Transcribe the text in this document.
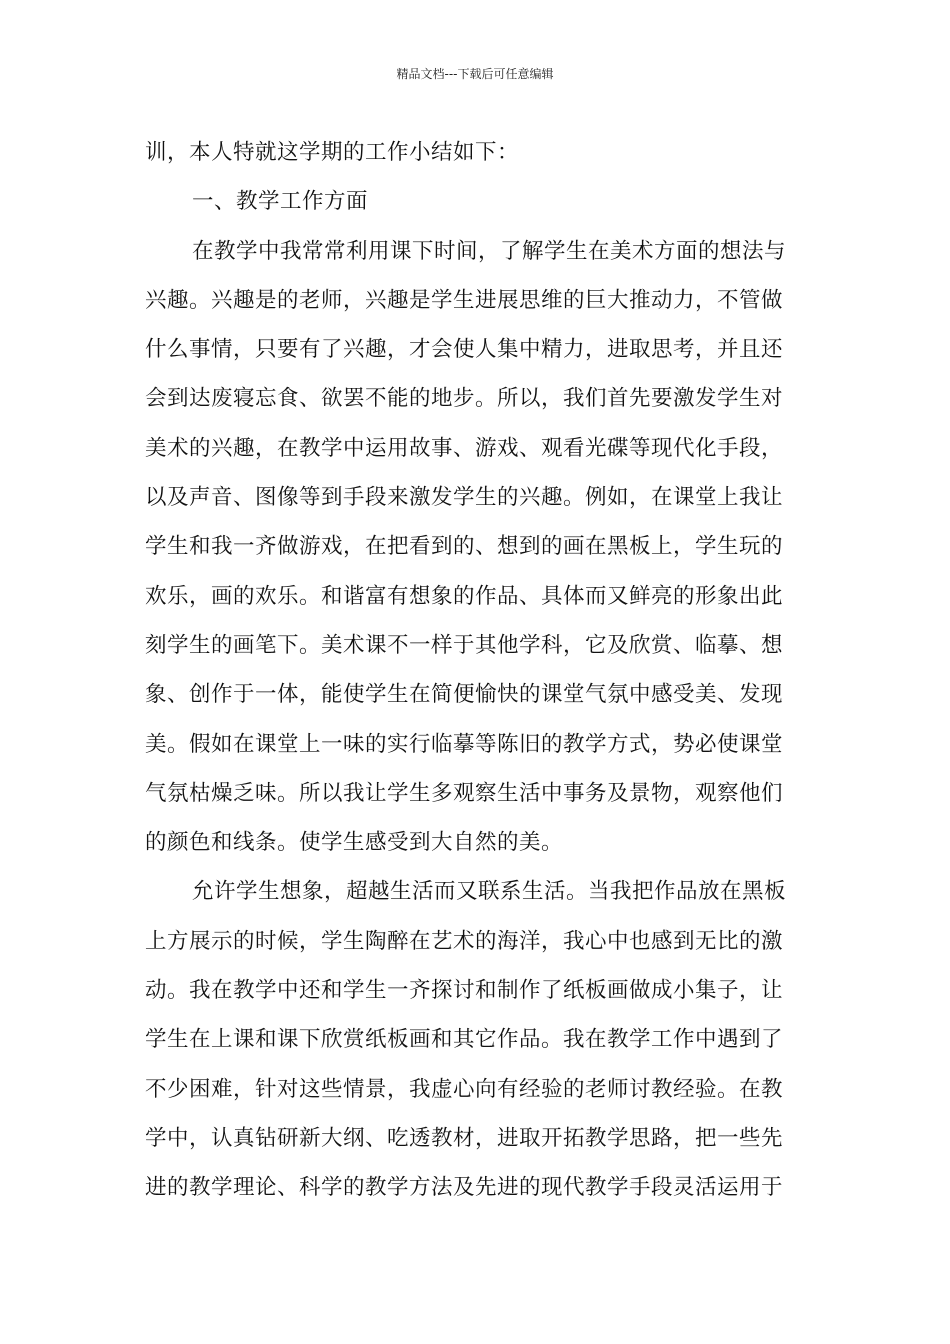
精品文档---下载后可任意编辑
训，本人特就这学期的工作小结如下：
一、教学工作方面
在教学中我常常利用课下时间，了解学生在美术方面的想法与
兴趣。兴趣是的老师，兴趣是学生进展思维的巨大推动力，不管做
什么事情，只要有了兴趣，才会使人集中精力，进取思考，并且还
会到达废寝忘食、欲罢不能的地步。所以，我们首先要激发学生对
美术的兴趣，在教学中运用故事、游戏、观看光碟等现代化手段，
以及声音、图像等到手段来激发学生的兴趣。例如，在课堂上我让
学生和我一齐做游戏，在把看到的、想到的画在黑板上，学生玩的
欢乐，画的欢乐。和谐富有想象的作品、具体而又鲜亮的形象出此
刻学生的画笔下。美术课不一样于其他学科，它及欣赏、临摹、想
象、创作于一体，能使学生在简便愉快的课堂气氛中感受美、发现
美。假如在课堂上一味的实行临摹等陈旧的教学方式，势必使课堂
气氛枯燥乏味。所以我让学生多观察生活中事务及景物，观察他们
的颜色和线条。使学生感受到大自然的美。
允许学生想象，超越生活而又联系生活。当我把作品放在黑板
上方展示的时候，学生陶醉在艺术的海洋，我心中也感到无比的激
动。我在教学中还和学生一齐探讨和制作了纸板画做成小集子，让
学生在上课和课下欣赏纸板画和其它作品。我在教学工作中遇到了
不少困难，针对这些情景，我虚心向有经验的老师讨教经验。在教
学中，认真钻研新大纲、吃透教材，进取开拓教学思路，把一些先
进的教学理论、科学的教学方法及先进的现代教学手段灵活运用于
